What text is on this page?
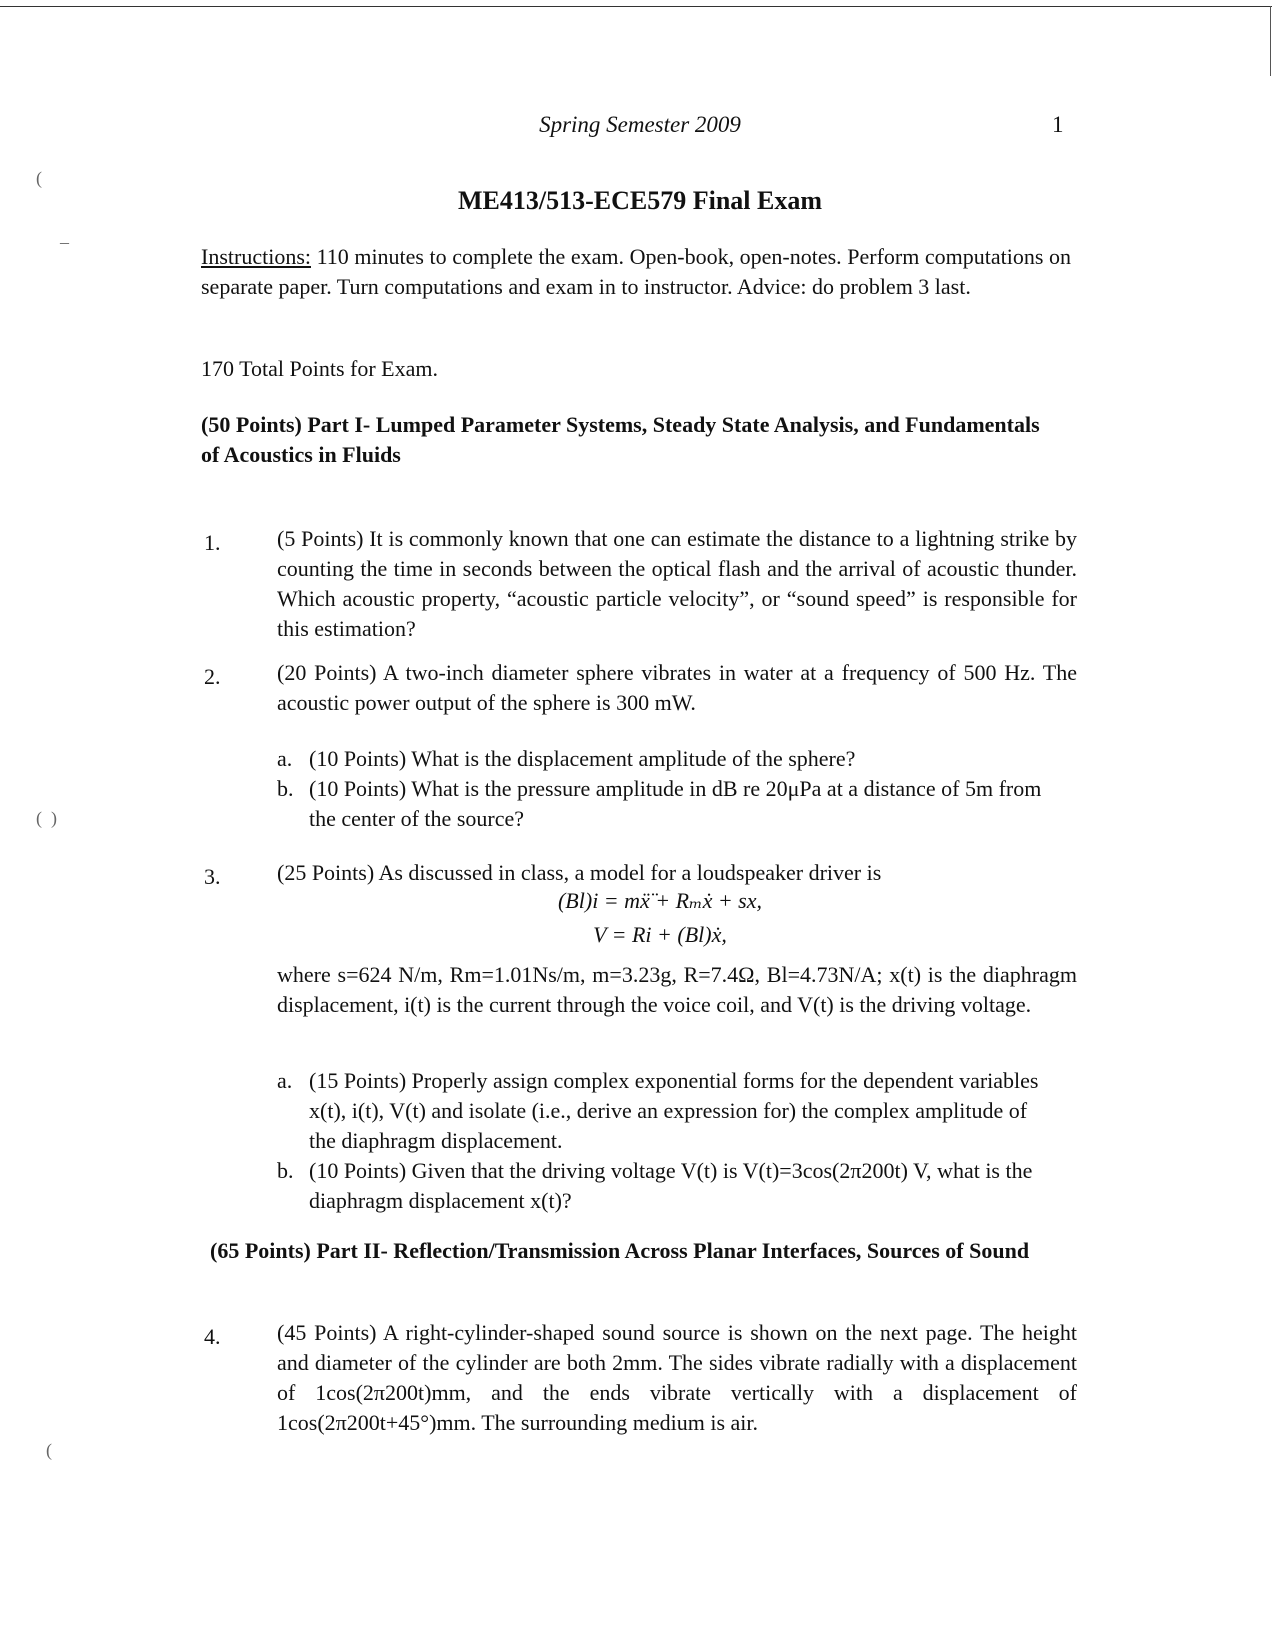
(
–
(  )
(
Spring Semester 2009	1
ME413/513-ECE579 Final Exam
Instructions: 110 minutes to complete the exam. Open-book, open-notes. Perform computations on separate paper. Turn computations and exam in to instructor. Advice: do problem 3 last.
170 Total Points for Exam.
(50 Points) Part I- Lumped Parameter Systems, Steady State Analysis, and Fundamentals of Acoustics in Fluids
1.	(5 Points) It is commonly known that one can estimate the distance to a lightning strike by counting the time in seconds between the optical flash and the arrival of acoustic thunder. Which acoustic property, “acoustic particle velocity”, or “sound speed” is responsible for this estimation?
2.	(20 Points) A two-inch diameter sphere vibrates in water at a frequency of 500 Hz. The acoustic power output of the sphere is 300 mW.
a. (10 Points) What is the displacement amplitude of the sphere?
b. (10 Points) What is the pressure amplitude in dB re 20μPa at a distance of 5m from the center of the source?
3.	(25 Points) As discussed in class, a model for a loudspeaker driver is
(Bl)i = mẍ̈ + Rₘẋ + sx,
V = Ri + (Bl)ẋ,
where s=624 N/m, Rm=1.01Ns/m, m=3.23g, R=7.4Ω, Bl=4.73N/A; x(t) is the diaphragm displacement, i(t) is the current through the voice coil, and V(t) is the driving voltage.
a. (15 Points) Properly assign complex exponential forms for the dependent variables x(t), i(t), V(t) and isolate (i.e., derive an expression for) the complex amplitude of the diaphragm displacement.
b. (10 Points) Given that the driving voltage V(t) is V(t)=3cos(2π200t) V, what is the diaphragm displacement x(t)?
(65 Points) Part II- Reflection/Transmission Across Planar Interfaces, Sources of Sound
4.	(45 Points) A right-cylinder-shaped sound source is shown on the next page. The height and diameter of the cylinder are both 2mm. The sides vibrate radially with a displacement of 1cos(2π200t)mm, and the ends vibrate vertically with a displacement of 1cos(2π200t+45°)mm. The surrounding medium is air.
